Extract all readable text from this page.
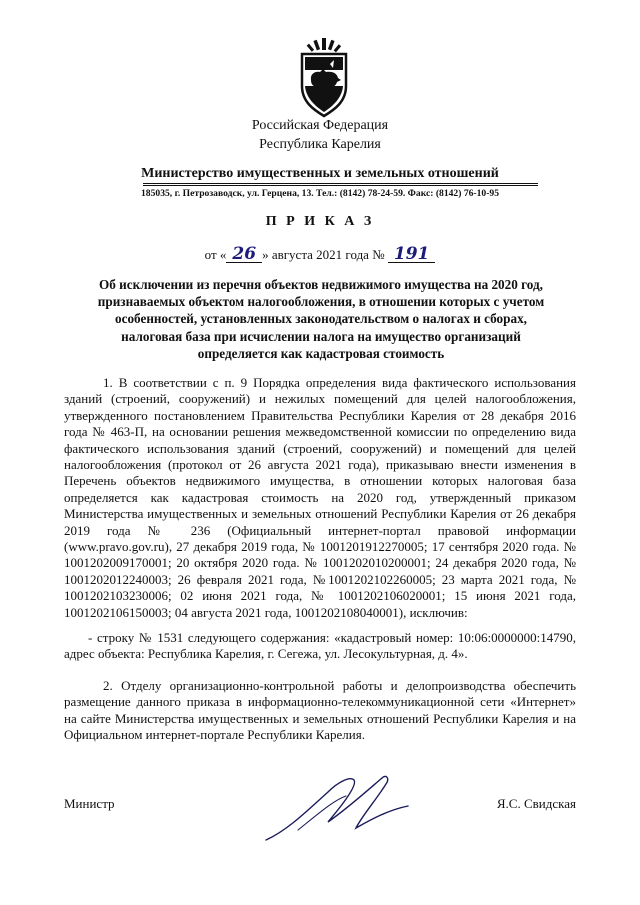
Российская Федерация
Республика Карелия
Министерство имущественных и земельных отношений
185035, г. Петрозаводск, ул. Герцена, 13. Тел.: (8142) 78-24-59. Факс: (8142) 76-10-95
П Р И К А З
от « 26 » августа 2021 года № 191
Об исключении из перечня объектов недвижимого имущества на 2020 год, признаваемых объектом налогообложения, в отношении которых с учетом особенностей, установленных законодательством о налогах и сборах, налоговая база при исчислении налога на имущество организаций определяется как кадастровая стоимость

1. В соответствии с п. 9 Порядка определения вида фактического использования зданий (строений, сооружений) и нежилых помещений для целей налогообложения, утвержденного постановлением Правительства Республики Карелия от 28 декабря 2016 года № 463-П, на основании решения межведомственной комиссии по определению вида фактического использования зданий (строений, сооружений) и помещений для целей налогообложения (протокол от 26 августа 2021 года), приказываю внести изменения в Перечень объектов недвижимого имущества, в отношении которых налоговая база определяется как кадастровая стоимость на 2020 год, утвержденный приказом Министерства имущественных и земельных отношений Республики Карелия от 26 декабря 2019 года № 236 (Официальный интернет-портал правовой информации (www.pravo.gov.ru), 27 декабря 2019 года, № 1001201912270005; 17 сентября 2020 года. № 1001202009170001; 20 октября 2020 года. № 1001202010200001; 24 декабря 2020 года, № 1001202012240003; 26 февраля 2021 года, №1001202102260005; 23 марта 2021 года, № 1001202103230006; 02 июня 2021 года, № 1001202106020001; 15 июня 2021 года, 1001202106150003; 04 августа 2021 года, 1001202108040001), исключив:

- строку № 1531 следующего содержания: «кадастровый номер: 10:06:0000000:14790, адрес объекта: Республика Карелия, г. Сегежа, ул. Лесокультурная, д. 4».

2. Отделу организационно-контрольной работы и делопроизводства обеспечить размещение данного приказа в информационно-телекоммуникационной сети «Интернет» на сайте Министерства имущественных и земельных отношений Республики Карелия и на Официальном интернет-портале Республики Карелия.

Министр	Я.С. Свидская
